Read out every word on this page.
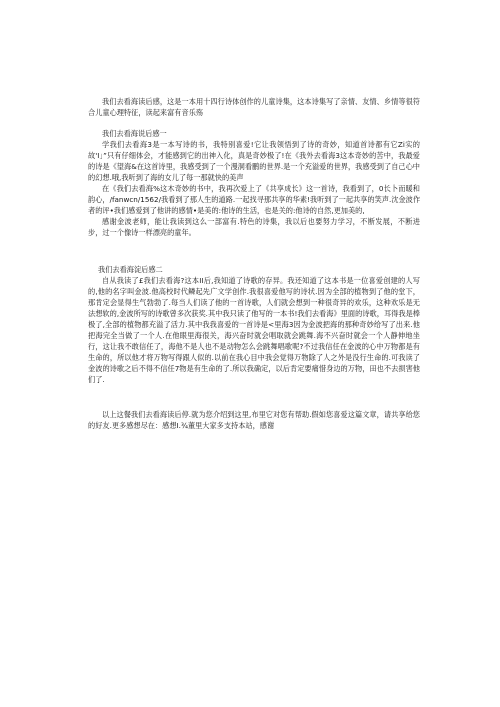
我们去看海读后感，这是一本用十四行诗体创作的儿童诗集，这本诗集写了亲情、友情、乡情等很符合儿童心理特征，读起来富有音乐殇

我们去看海说后感一

学我们去看海3是一本写诗的书，我特别喜爱!它让我领悟到了诗的奇妙，知道首诗都有它Zi实的故'I」”只有仔细体会，才能感到它的出神入化，真是奇妙极了!在《我外去看海3这本奇妙的苦中，我最爱的诗是《望海&在这首诗里，我感受到了一个漫洞看鹏的世界.是一个充溢爱的世界，我感受到了自己心中的幻想.哦,我听到了海的女儿了每一那就快的美声

在《我们去看海%这木奇妙的书中，我再次爱上了《共享成长》这一首诗，我看到了，0长卜而暖和韵心，/fanwcn/1562/我看到了那人生的道路.一起找寻那共享的华素!我听到了一起共享的笑声.沈金波作者的评•我们感爱到了他讲的感情•是美的:他诗的生活，也是关的:他诗的自然,更加美的,

感谢金波老师，能让我读到这么一部富有.特色的诗集，我以后也要努力学习，不断发展，不断进步，过一个像诗一样漂亮的童年。

我们去看海淀后感二

自从我读了£我们去看海?这本II后,我知道了诗歌的存异。我还知道了这本书是一位喜爱创建的人写的,他的名字叫金波.他高校时代鳞起先广文学创作.我很喜爱他写的诗状.因为全部的植物到了他的堂下，那肯定会显得生气勃勃了.每当人们读了他的一首诗歌，人们就会想到一种很奇异的欢乐，这种欢乐是无法想软的,金波所写的诗歌曾多次获奖.其中我只读了他写的一本书!我们去看海》里面的诗歌，耳得我是棒极了,全部的植物都充溢了活力.其中我我喜爱的一首诗是<里海3因为金波把海的那种奇妙给写了出来.他把海完全当做了一个人.在他眼里海很关，海兴奋时就会唱取就会跳舞.海不兴奋时就会一个人静伸地坐行，这让我不敢信任了，海他不是人也不是动物怎么会跳舞唱歌呢?不过我信任在金波的心中万物都是有生命的，所以他才将万物写得跟人似的.以前在我心目中我会觉得万物除了人之外是没行生命的.可我读了金波的诗歌之后不得不信任7物是有生命的了.所以我确定，以后肯定要痛惜身边的万物，田也不去损害他们了.

以上这餐我们去看海读后停.就为您介绍到这里,布里它对您有帮助.假如您喜爱这篇文章，请共享给您的好友.更多感想尽在：感想I.¾董里大家多支持本站，感谢
